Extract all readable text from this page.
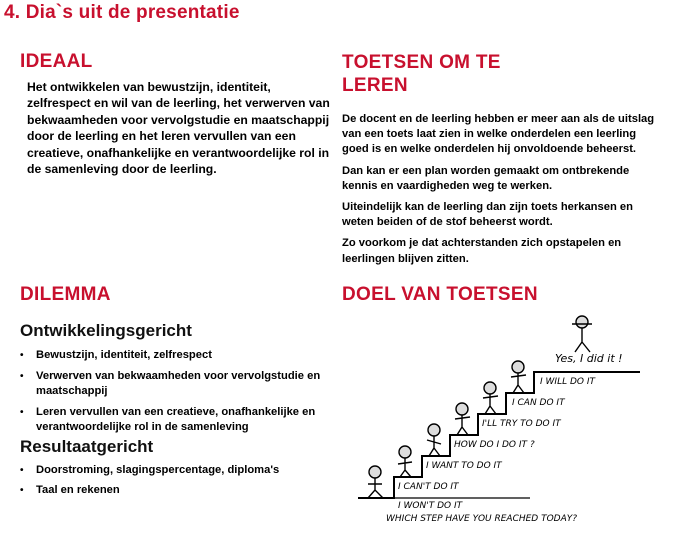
4. Dia`s uit de presentatie
IDEAAL
Het ontwikkelen van bewustzijn, identiteit, zelfrespect en wil van de leerling, het verwerven van bekwaamheden voor vervolgstudie en maatschappij door de leerling en het leren vervullen van een creatieve, onafhankelijke en verantwoordelijke rol in de samenleving door de leerling.
TOETSEN OM TE
LEREN

De docent en de leerling hebben er meer aan als de uitslag van een toets laat zien in welke onderdelen een leerling goed is en welke onderdelen hij onvoldoende beheerst.

Dan kan er een plan worden gemaakt om ontbrekende kennis en vaardigheden weg te werken.

Uiteindelijk kan de leerling dan zijn toets herkansen en weten beiden of de stof beheerst wordt.

Zo voorkom je dat achterstanden zich opstapelen en leerlingen blijven zitten.

DILEMMA
Ontwikkelingsgericht
• Bewustzijn, identiteit, zelfrespect
• Verwerven van bekwaamheden voor vervolgstudie en maatschappij
• Leren vervullen van een creatieve, onafhankelijke en verantwoordelijke rol in de samenleving
Resultaatgericht
• Doorstroming, slagingspercentage, diploma's
• Taal en rekenen
DOEL VAN TOETSEN
Yes, I did it !
I WILL DO IT
I CAN DO IT
I'LL TRY TO DO IT
HOW DO I DO IT ?
I WANT TO DO IT
I CAN'T DO IT
I WON'T DO IT
WHICH STEP HAVE YOU REACHED TODAY?
